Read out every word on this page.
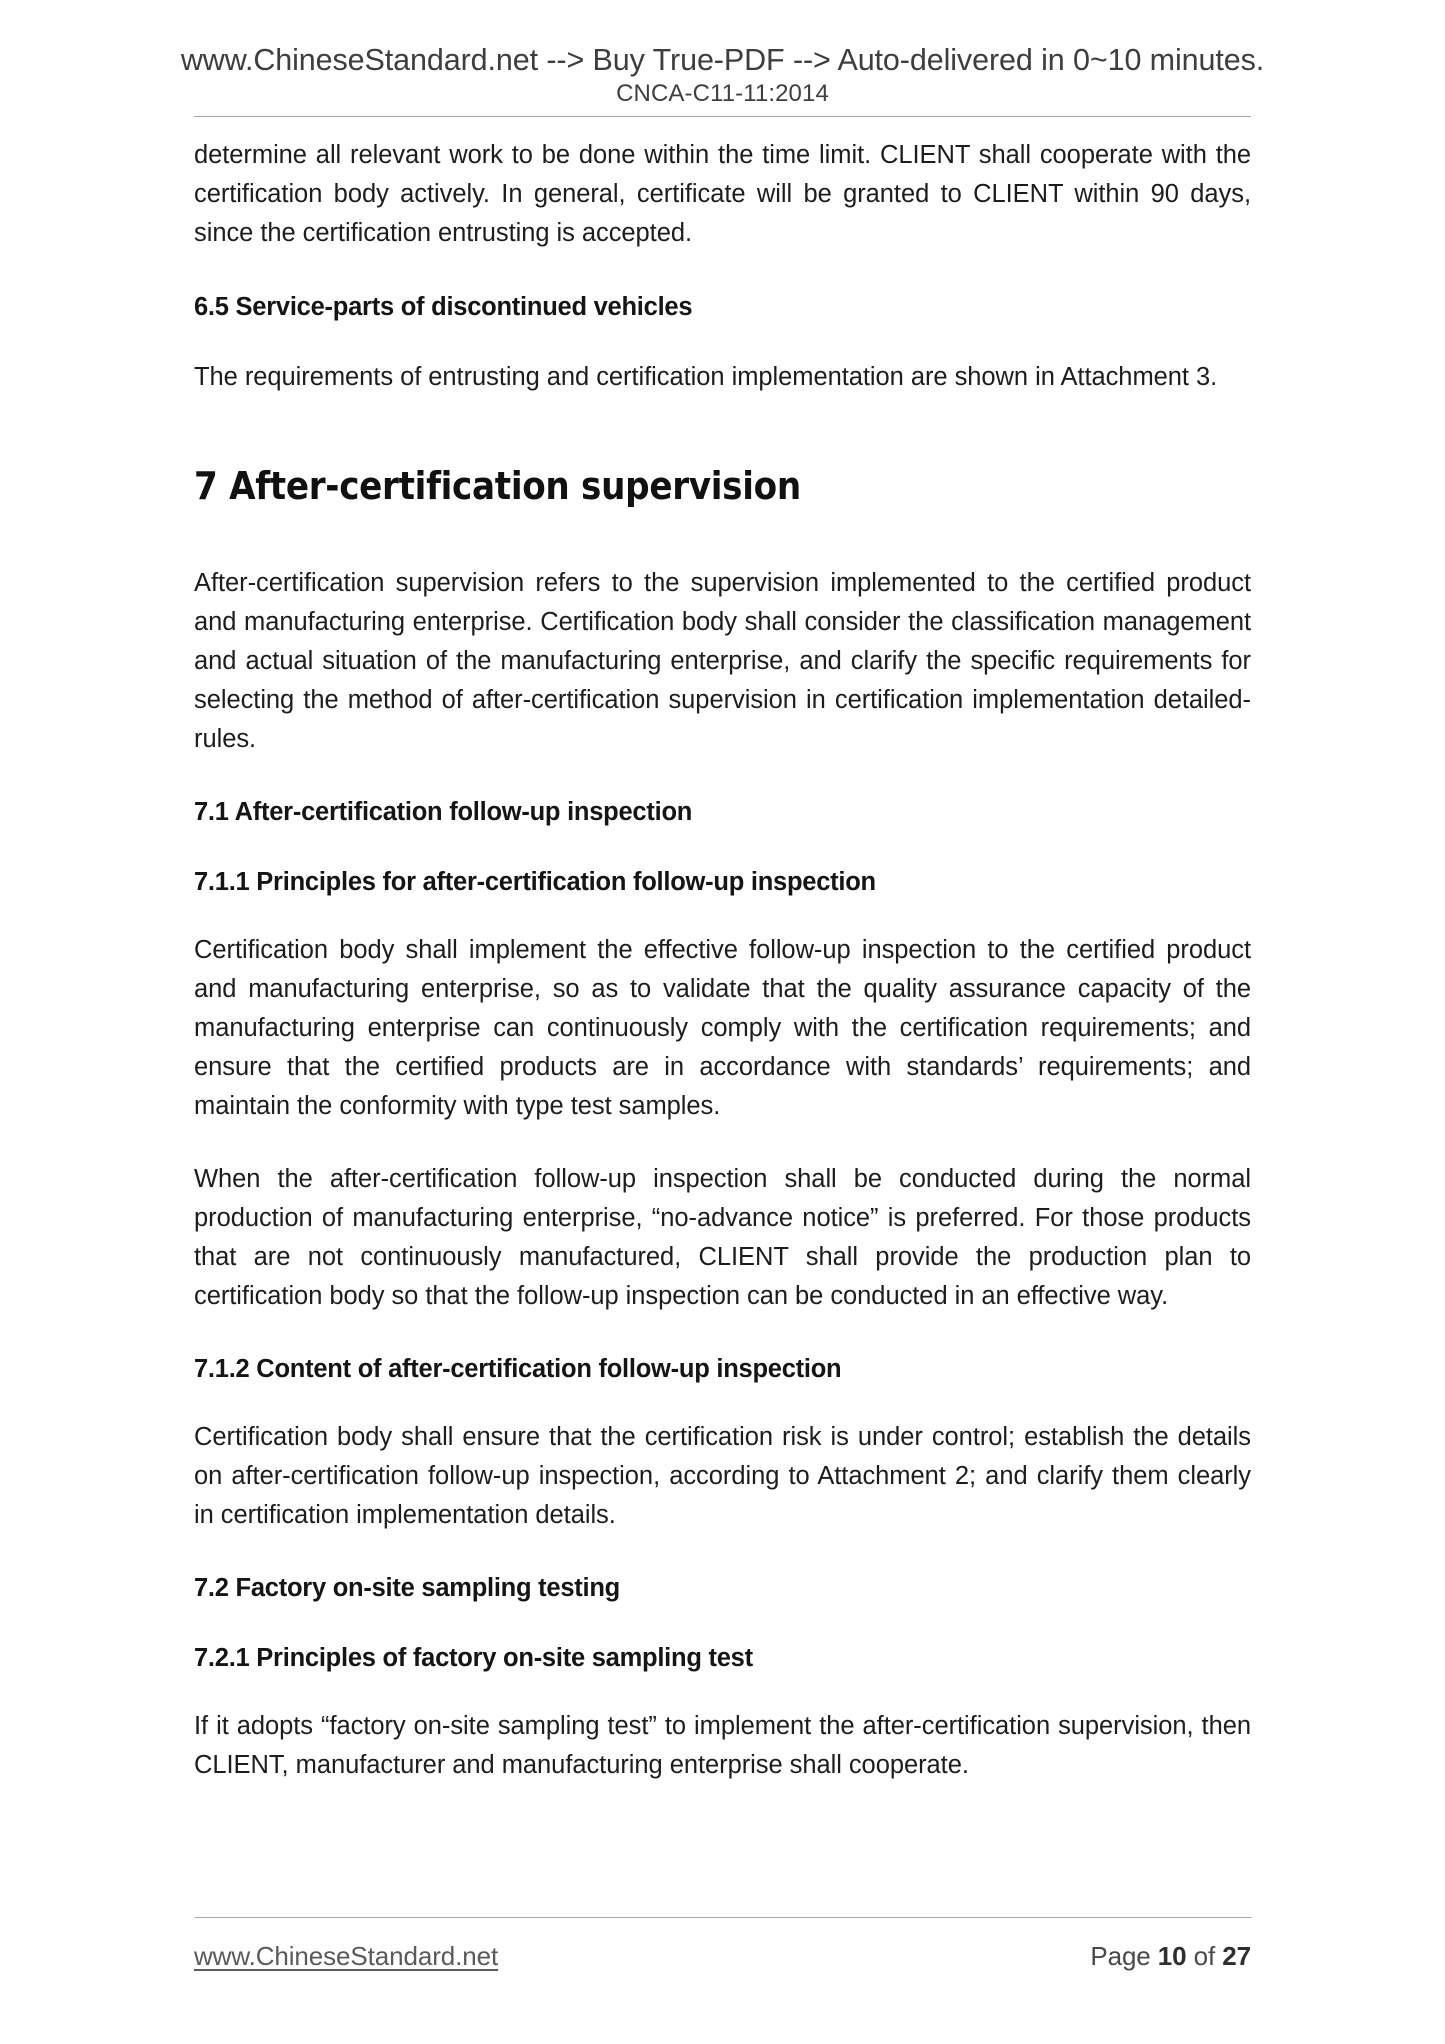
www.ChineseStandard.net --> Buy True-PDF --> Auto-delivered in 0~10 minutes.
CNCA-C11-11:2014

determine all relevant work to be done within the time limit. CLIENT shall cooperate with the certification body actively. In general, certificate will be granted to CLIENT within 90 days, since the certification entrusting is accepted.

6.5 Service-parts of discontinued vehicles

The requirements of entrusting and certification implementation are shown in Attachment 3.

7 After-certification supervision

After-certification supervision refers to the supervision implemented to the certified product and manufacturing enterprise. Certification body shall consider the classification management and actual situation of the manufacturing enterprise, and clarify the specific requirements for selecting the method of after-certification supervision in certification implementation detailed-rules.

7.1 After-certification follow-up inspection
7.1.1 Principles for after-certification follow-up inspection

Certification body shall implement the effective follow-up inspection to the certified product and manufacturing enterprise, so as to validate that the quality assurance capacity of the manufacturing enterprise can continuously comply with the certification requirements; and ensure that the certified products are in accordance with standards’ requirements; and maintain the conformity with type test samples.

When the after-certification follow-up inspection shall be conducted during the normal production of manufacturing enterprise, “no-advance notice” is preferred. For those products that are not continuously manufactured, CLIENT shall provide the production plan to certification body so that the follow-up inspection can be conducted in an effective way.

7.1.2 Content of after-certification follow-up inspection

Certification body shall ensure that the certification risk is under control; establish the details on after-certification follow-up inspection, according to Attachment 2; and clarify them clearly in certification implementation details.

7.2 Factory on-site sampling testing
7.2.1 Principles of factory on-site sampling test

If it adopts “factory on-site sampling test” to implement the after-certification supervision, then CLIENT, manufacturer and manufacturing enterprise shall cooperate.

www.ChineseStandard.net	Page 10 of 27
